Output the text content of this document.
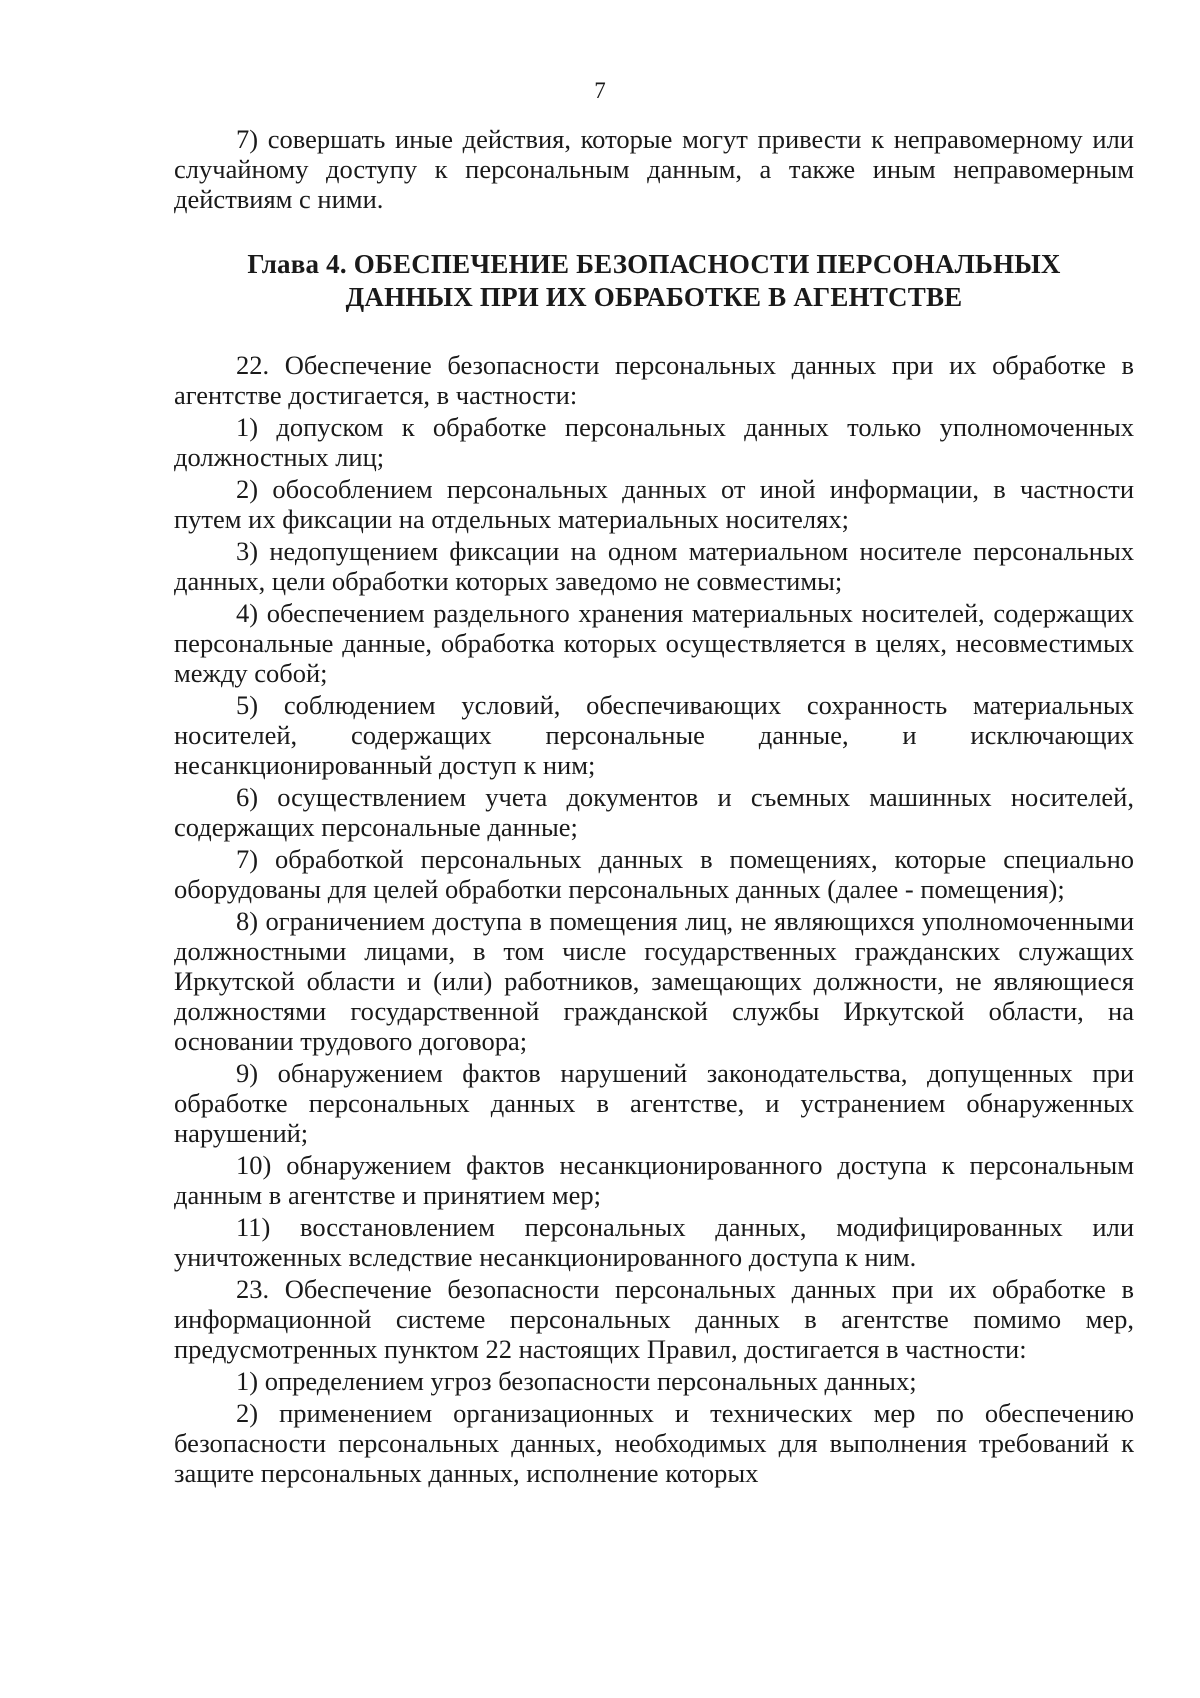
7

7) совершать иные действия, которые могут привести к неправомерному или случайному доступу к персональным данным, а также иным неправомерным действиям с ними.

Глава 4. ОБЕСПЕЧЕНИЕ БЕЗОПАСНОСТИ ПЕРСОНАЛЬНЫХ
ДАННЫХ ПРИ ИХ ОБРАБОТКЕ В АГЕНТСТВЕ

22. Обеспечение безопасности персональных данных при их обработке в агентстве достигается, в частности:

1) допуском к обработке персональных данных только уполномоченных должностных лиц;

2) обособлением персональных данных от иной информации, в частности путем их фиксации на отдельных материальных носителях;

3) недопущением фиксации на одном материальном носителе персональных данных, цели обработки которых заведомо не совместимы;

4) обеспечением раздельного хранения материальных носителей, содержащих персональные данные, обработка которых осуществляется в целях, несовместимых между собой;

5) соблюдением условий, обеспечивающих сохранность материальных носителей, содержащих персональные данные, и исключающих несанкционированный доступ к ним;

6) осуществлением учета документов и съемных машинных носителей, содержащих персональные данные;

7) обработкой персональных данных в помещениях, которые специально оборудованы для целей обработки персональных данных (далее - помещения);

8) ограничением доступа в помещения лиц, не являющихся уполномоченными должностными лицами, в том числе государственных гражданских служащих Иркутской области и (или) работников, замещающих должности, не являющиеся должностями государственной гражданской службы Иркутской области, на основании трудового договора;

9) обнаружением фактов нарушений законодательства, допущенных при обработке персональных данных в агентстве, и устранением обнаруженных нарушений;

10) обнаружением фактов несанкционированного доступа к персональным данным в агентстве и принятием мер;

11) восстановлением персональных данных, модифицированных или уничтоженных вследствие несанкционированного доступа к ним.

23. Обеспечение безопасности персональных данных при их обработке в информационной системе персональных данных в агентстве помимо мер, предусмотренных пунктом 22 настоящих Правил, достигается в частности:

1) определением угроз безопасности персональных данных;

2) применением организационных и технических мер по обеспечению безопасности персональных данных, необходимых для выполнения требований к защите персональных данных, исполнение которых
